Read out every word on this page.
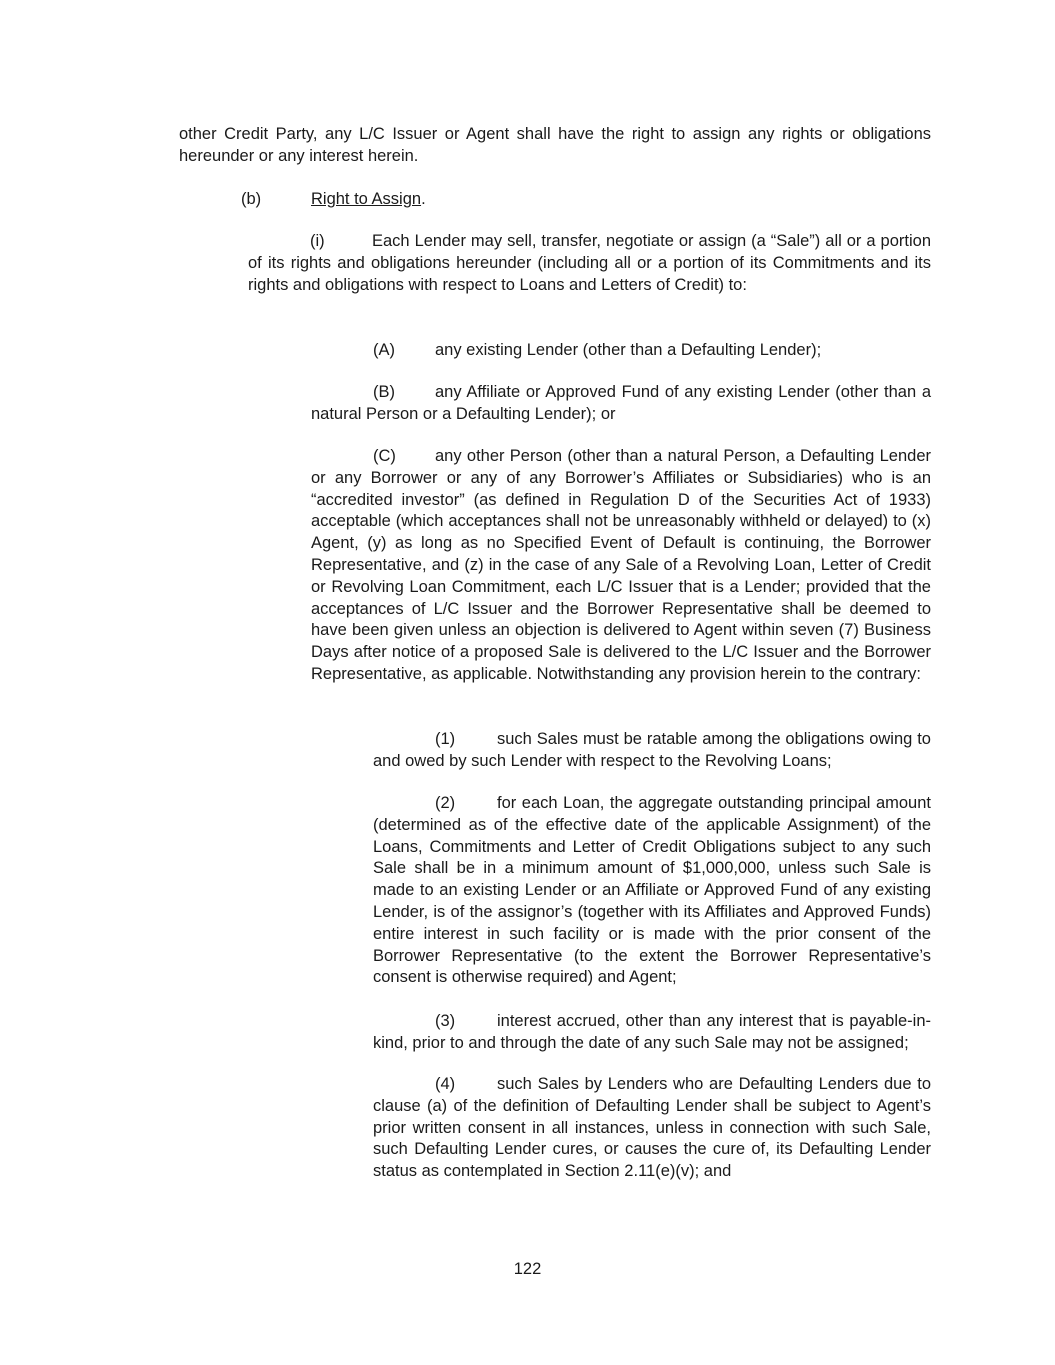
other Credit Party, any L/C Issuer or Agent shall have the right to assign any rights or obligations hereunder or any interest herein.

(b)	Right to Assign.

(i)	Each Lender may sell, transfer, negotiate or assign (a “Sale”) all or a portion of its rights and obligations hereunder (including all or a portion of its Commitments and its rights and obligations with respect to Loans and Letters of Credit) to:

(A) any existing Lender (other than a Defaulting Lender);

(B) any Affiliate or Approved Fund of any existing Lender (other than a natural Person or a Defaulting Lender); or

(C) any other Person (other than a natural Person, a Defaulting Lender or any Borrower or any of any Borrower’s Affiliates or Subsidiaries) who is an “accredited investor” (as defined in Regulation D of the Securities Act of 1933) acceptable (which acceptances shall not be unreasonably withheld or delayed) to (x) Agent, (y) as long as no Specified Event of Default is continuing, the Borrower Representative, and (z) in the case of any Sale of a Revolving Loan, Letter of Credit or Revolving Loan Commitment, each L/C Issuer that is a Lender; provided that the acceptances of L/C Issuer and the Borrower Representative shall be deemed to have been given unless an objection is delivered to Agent within seven (7) Business Days after notice of a proposed Sale is delivered to the L/C Issuer and the Borrower Representative, as applicable. Notwithstanding any provision herein to the contrary:

(1)	such Sales must be ratable among the obligations owing to and owed by such Lender with respect to the Revolving Loans;

(2)	for each Loan, the aggregate outstanding principal amount (determined as of the effective date of the applicable Assignment) of the Loans, Commitments and Letter of Credit Obligations subject to any such Sale shall be in a minimum amount of $1,000,000, unless such Sale is made to an existing Lender or an Affiliate or Approved Fund of any existing Lender, is of the assignor’s (together with its Affiliates and Approved Funds) entire interest in such facility or is made with the prior consent of the Borrower Representative (to the extent the Borrower Representative’s consent is otherwise required) and Agent;

(3)	interest accrued, other than any interest that is payable-in-kind, prior to and through the date of any such Sale may not be assigned;

(4)	such Sales by Lenders who are Defaulting Lenders due to clause (a) of the definition of Defaulting Lender shall be subject to Agent’s prior written consent in all instances, unless in connection with such Sale, such Defaulting Lender cures, or causes the cure of, its Defaulting Lender status as contemplated in Section 2.11(e)(v); and

122
